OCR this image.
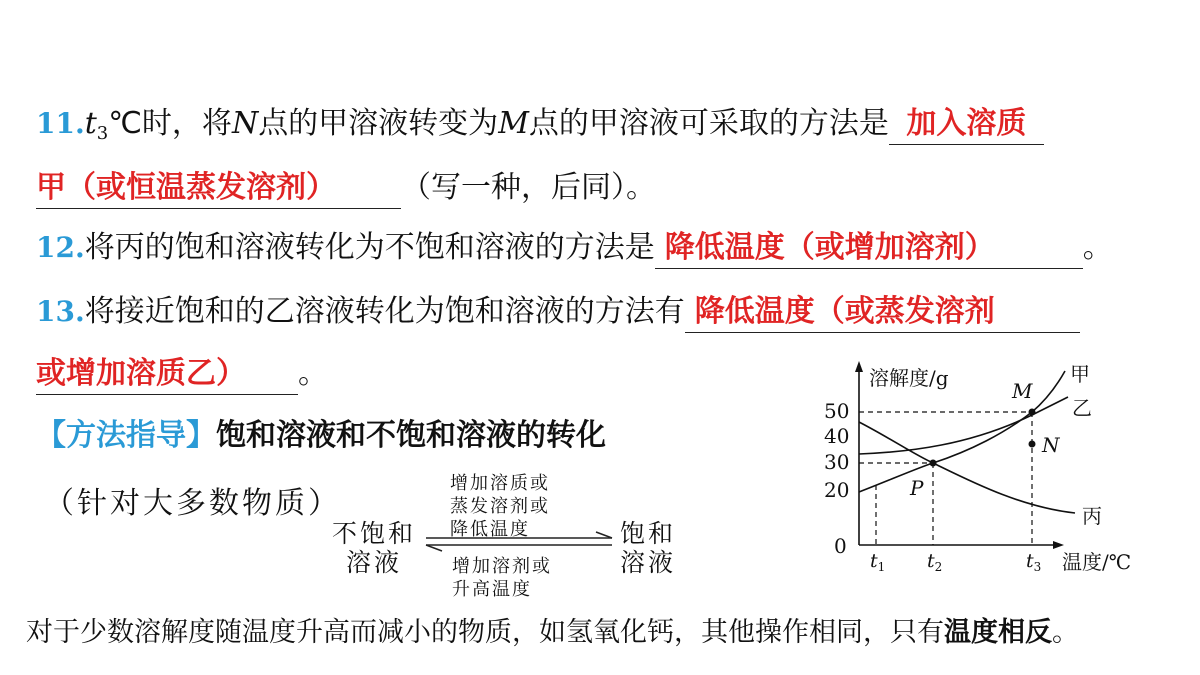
$11.t_3℃$时，将N点的甲溶液转变为M点的甲溶液可采取的方法是 加入溶质
甲（或恒温蒸发溶剂） （写一种，后同）。
12.将丙的饱和溶液转化为不饱和溶液的方法是 降低温度（或增加溶剂）	。
13.将接近饱和的乙溶液转化为饱和溶液的方法有 降低温度（或蒸发溶剂
或增加溶质乙） 。
【方法指导】饱和溶液和不饱和溶液的转化
（针对大多数物质）
不饱和
溶液
饱和
溶液
增加溶质或
蒸发溶剂或
降低温度
增加溶剂或
升高温度
溶解度/g
温度/℃
0
50
40
30
20
M
N
P
甲
乙
丙
$t_1$ $t_2$	$t_3$
对于少数溶解度随温度升高而减小的物质，如氢氧化钙，其他操作相同，只有温度相反。
